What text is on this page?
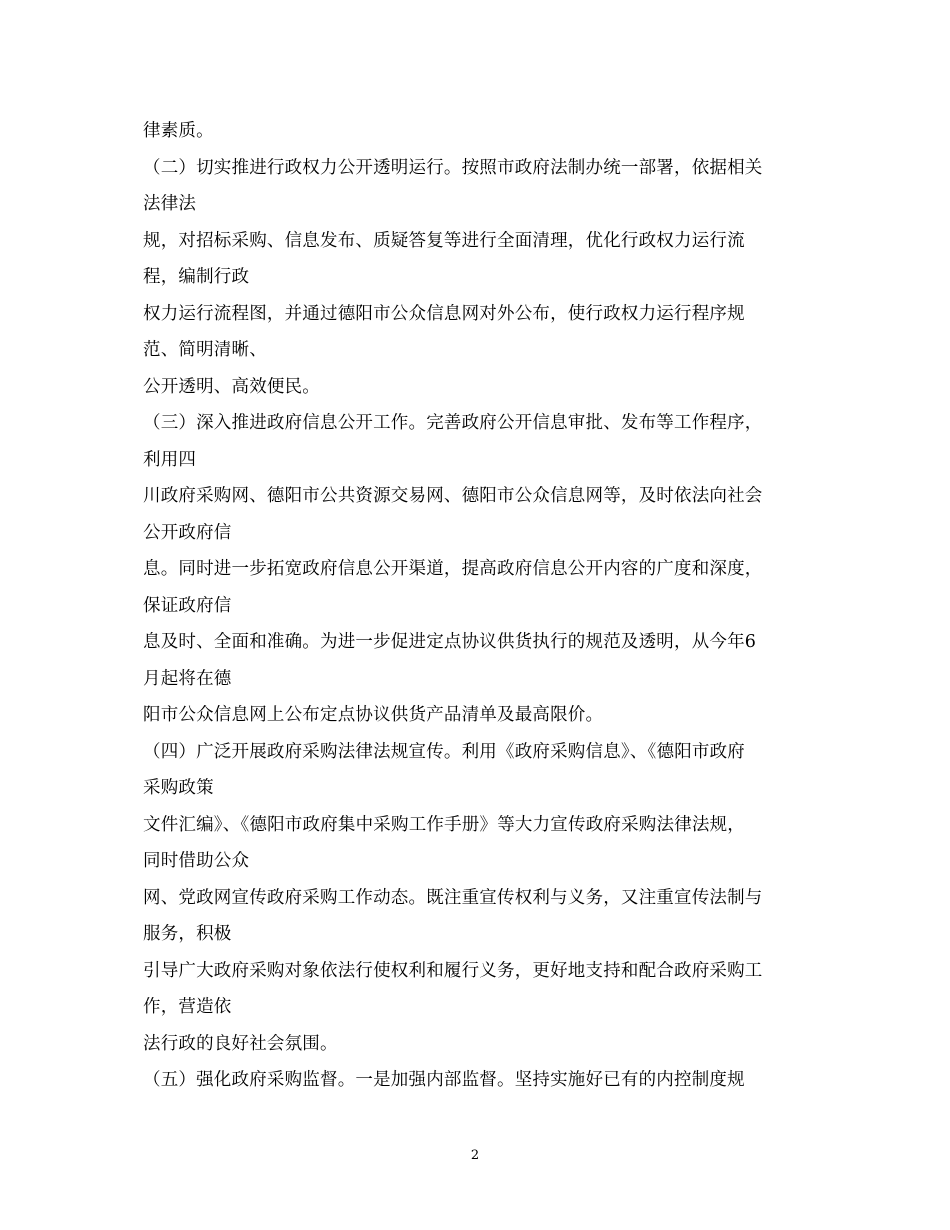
律素质。
（二）切实推进行政权力公开透明运行。按照市政府法制办统一部署，依据相关
法律法
规，对招标采购、信息发布、质疑答复等进行全面清理，优化行政权力运行流
程，编制行政
权力运行流程图，并通过德阳市公众信息网对外公布，使行政权力运行程序规
范、简明清晰、
公开透明、高效便民。
（三）深入推进政府信息公开工作。完善政府公开信息审批、发布等工作程序，
利用四
川政府采购网、德阳市公共资源交易网、德阳市公众信息网等，及时依法向社会
公开政府信
息。同时进一步拓宽政府信息公开渠道，提高政府信息公开内容的广度和深度，
保证政府信
息及时、全面和准确。为进一步促进定点协议供货执行的规范及透明，从今年6
月起将在德
阳市公众信息网上公布定点协议供货产品清单及最高限价。
（四）广泛开展政府采购法律法规宣传。利用《政府采购信息》、《德阳市政府
采购政策
文件汇编》、《德阳市政府集中采购工作手册》等大力宣传政府采购法律法规，
同时借助公众
网、党政网宣传政府采购工作动态。既注重宣传权利与义务，又注重宣传法制与
服务，积极
引导广大政府采购对象依法行使权利和履行义务，更好地支持和配合政府采购工
作，营造依
法行政的良好社会氛围。
（五）强化政府采购监督。一是加强内部监督。坚持实施好已有的内控制度规
2
